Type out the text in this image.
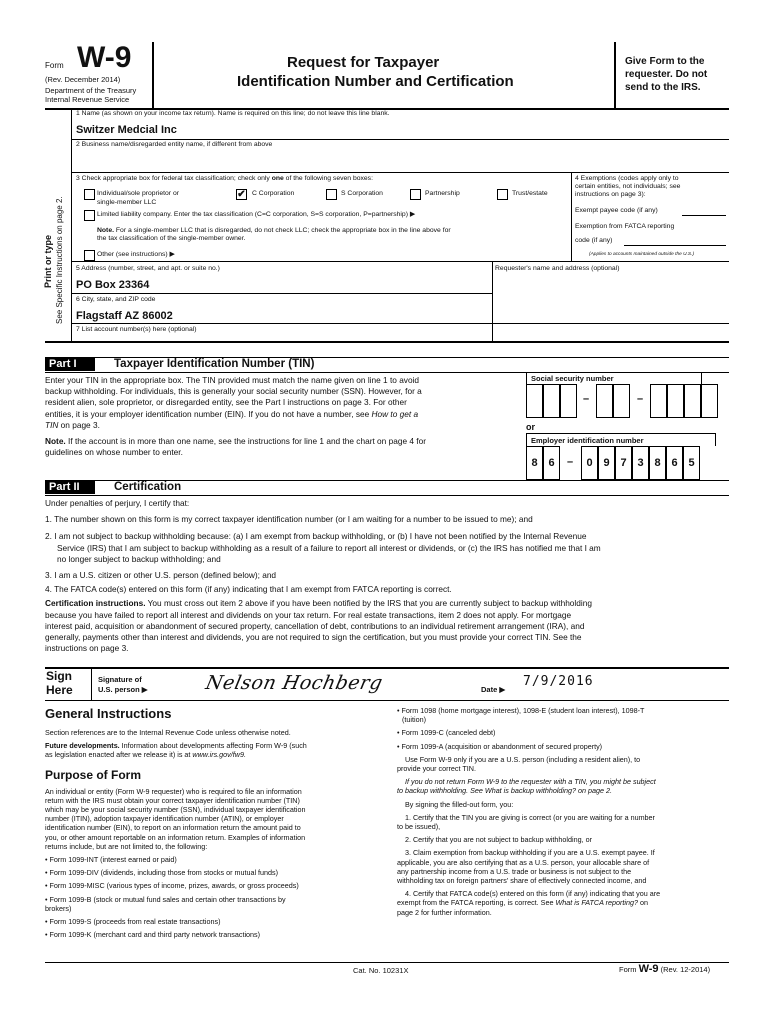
Form W-9
(Rev. December 2014)
Department of the Treasury
Internal Revenue Service
Request for Taxpayer
Identification Number and Certification
Give Form to the
requester. Do not
send to the IRS.
Print or type See Specific Instructions on page 2.
1 Name (as shown on your income tax return). Name is required on this line; do not leave this line blank.
Switzer Medcial Inc
2 Business name/disregarded entity name, if different from above
3 Check appropriate box for federal tax classification; check only one of the following seven boxes:
Individual/sole proprietor or
single-member LLC
✔ C Corporation	S Corporation	Partnership	Trust/estate
Limited liability company. Enter the tax classification (C=C corporation, S=S corporation, P=partnership) ▶
Note. For a single-member LLC that is disregarded, do not check LLC; check the appropriate box in the line above for
the tax classification of the single-member owner.
Other (see instructions) ▶
4 Exemptions (codes apply only to
certain entities, not individuals; see
instructions on page 3):
Exempt payee code (if any)
Exemption from FATCA reporting
code (if any)
(Applies to accounts maintained outside the U.S.)
5 Address (number, street, and apt. or suite no.)
PO Box 23364
Requester's name and address (optional)
6 City, state, and ZIP code
Flagstaff AZ 86002
7 List account number(s) here (optional)
Part I	Taxpayer Identification Number (TIN)
Enter your TIN in the appropriate box. The TIN provided must match the name given on line 1 to avoid
backup withholding. For individuals, this is generally your social security number (SSN). However, for a
resident alien, sole proprietor, or disregarded entity, see the Part I instructions on page 3. For other
entities, it is your employer identification number (EIN). If you do not have a number, see How to get a
TIN on page 3.
Note. If the account is in more than one name, see the instructions for line 1 and the chart on page 4 for
guidelines on whose number to enter.
Social security number
–	–
or
Employer identification number
8 6	–	0 9 7 3 8 6 5
Part II	Certification
Under penalties of perjury, I certify that:
1. The number shown on this form is my correct taxpayer identification number (or I am waiting for a number to be issued to me); and
2. I am not subject to backup withholding because: (a) I am exempt from backup withholding, or (b) I have not been notified by the Internal Revenue
Service (IRS) that I am subject to backup withholding as a result of a failure to report all interest or dividends, or (c) the IRS has notified me that I am
no longer subject to backup withholding; and
3. I am a U.S. citizen or other U.S. person (defined below); and
4. The FATCA code(s) entered on this form (if any) indicating that I am exempt from FATCA reporting is correct.
Certification instructions. You must cross out item 2 above if you have been notified by the IRS that you are currently subject to backup withholding
because you have failed to report all interest and dividends on your tax return. For real estate transactions, item 2 does not apply. For mortgage
interest paid, acquisition or abandonment of secured property, cancellation of debt, contributions to an individual retirement arrangement (IRA), and
generally, payments other than interest and dividends, you are not required to sign the certification, but you must provide your correct TIN. See the
instructions on page 3.
Sign
Here
Signature of
U.S. person ▶	Nelson Hochberg	Date ▶
7/9/2016
General Instructions

Section references are to the Internal Revenue Code unless otherwise noted.

Future developments. Information about developments affecting Form W-9 (such
as legislation enacted after we release it) is at www.irs.gov/fw9.

Purpose of Form

An individual or entity (Form W-9 requester) who is required to file an information
return with the IRS must obtain your correct taxpayer identification number (TIN)
which may be your social security number (SSN), individual taxpayer identification
number (ITIN), adoption taxpayer identification number (ATIN), or employer
identification number (EIN), to report on an information return the amount paid to
you, or other amount reportable on an information return. Examples of information
returns include, but are not limited to, the following:

• Form 1099-INT (interest earned or paid)

• Form 1099-DIV (dividends, including those from stocks or mutual funds)

• Form 1099-MISC (various types of income, prizes, awards, or gross proceeds)

• Form 1099-B (stock or mutual fund sales and certain other transactions by
brokers)

• Form 1099-S (proceeds from real estate transactions)

• Form 1099-K (merchant card and third party network transactions)

• Form 1098 (home mortgage interest), 1098-E (student loan interest), 1098-T
(tuition)

• Form 1099-C (canceled debt)

• Form 1099-A (acquisition or abandonment of secured property)

Use Form W-9 only if you are a U.S. person (including a resident alien), to
provide your correct TIN.

If you do not return Form W-9 to the requester with a TIN, you might be subject
to backup withholding. See What is backup withholding? on page 2.

By signing the filled-out form, you:

1. Certify that the TIN you are giving is correct (or you are waiting for a number
to be issued),

2. Certify that you are not subject to backup withholding, or

3. Claim exemption from backup withholding if you are a U.S. exempt payee. If
applicable, you are also certifying that as a U.S. person, your allocable share of
any partnership income from a U.S. trade or business is not subject to the
withholding tax on foreign partners' share of effectively connected income, and

4. Certify that FATCA code(s) entered on this form (if any) indicating that you are
exempt from the FATCA reporting, is correct. See What is FATCA reporting? on
page 2 for further information.

Cat. No. 10231X	Form W-9 (Rev. 12-2014)
